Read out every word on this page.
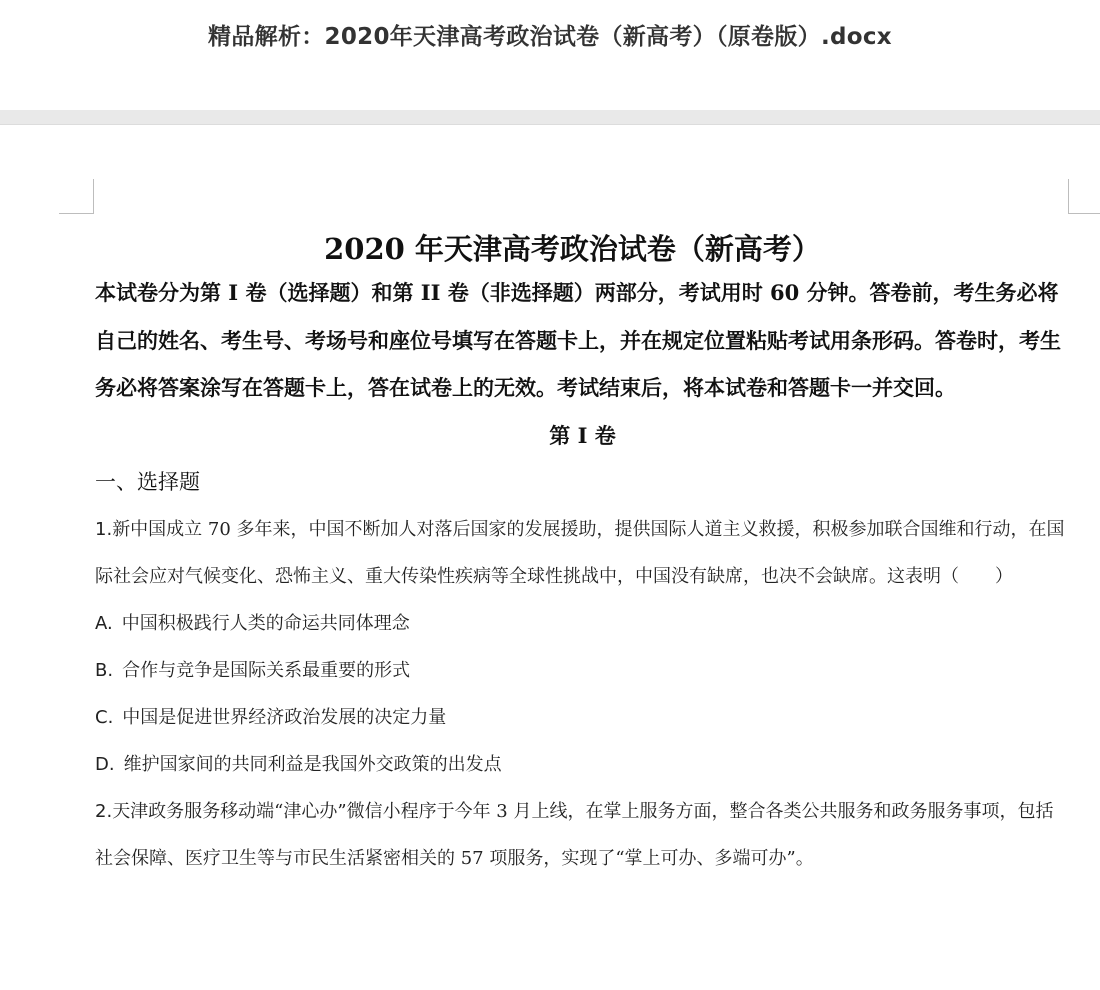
精品解析：2020年天津高考政治试卷（新高考）（原卷版）.docx
2020 年天津高考政治试卷（新高考）
本试卷分为第 I 卷（选择题）和第 II 卷（非选择题）两部分，考试用时 60 分钟。答卷前，考生务必将自己的姓名、考生号、考场号和座位号填写在答题卡上，并在规定位置粘贴考试用条形码。答卷时，考生务必将答案涂写在答题卡上，答在试卷上的无效。考试结束后，将本试卷和答题卡一并交回。
第 I 卷
一、选择题
1.新中国成立 70 多年来，中国不断加人对落后国家的发展援助，提供国际人道主义救援，积极参加联合国维和行动，在国际社会应对气候变化、恐怖主义、重大传染性疾病等全球性挑战中，中国没有缺席，也决不会缺席。这表明（　　）
A. 中国积极践行人类的命运共同体理念
B. 合作与竞争是国际关系最重要的形式
C. 中国是促进世界经济政治发展的决定力量
D. 维护国家间的共同利益是我国外交政策的出发点
2.天津政务服务移动端“津心办”微信小程序于今年 3 月上线，在掌上服务方面，整合各类公共服务和政务服务事项，包括社会保障、医疗卫生等与市民生活紧密相关的 57 项服务，实现了“掌上可办、多端可办”。
